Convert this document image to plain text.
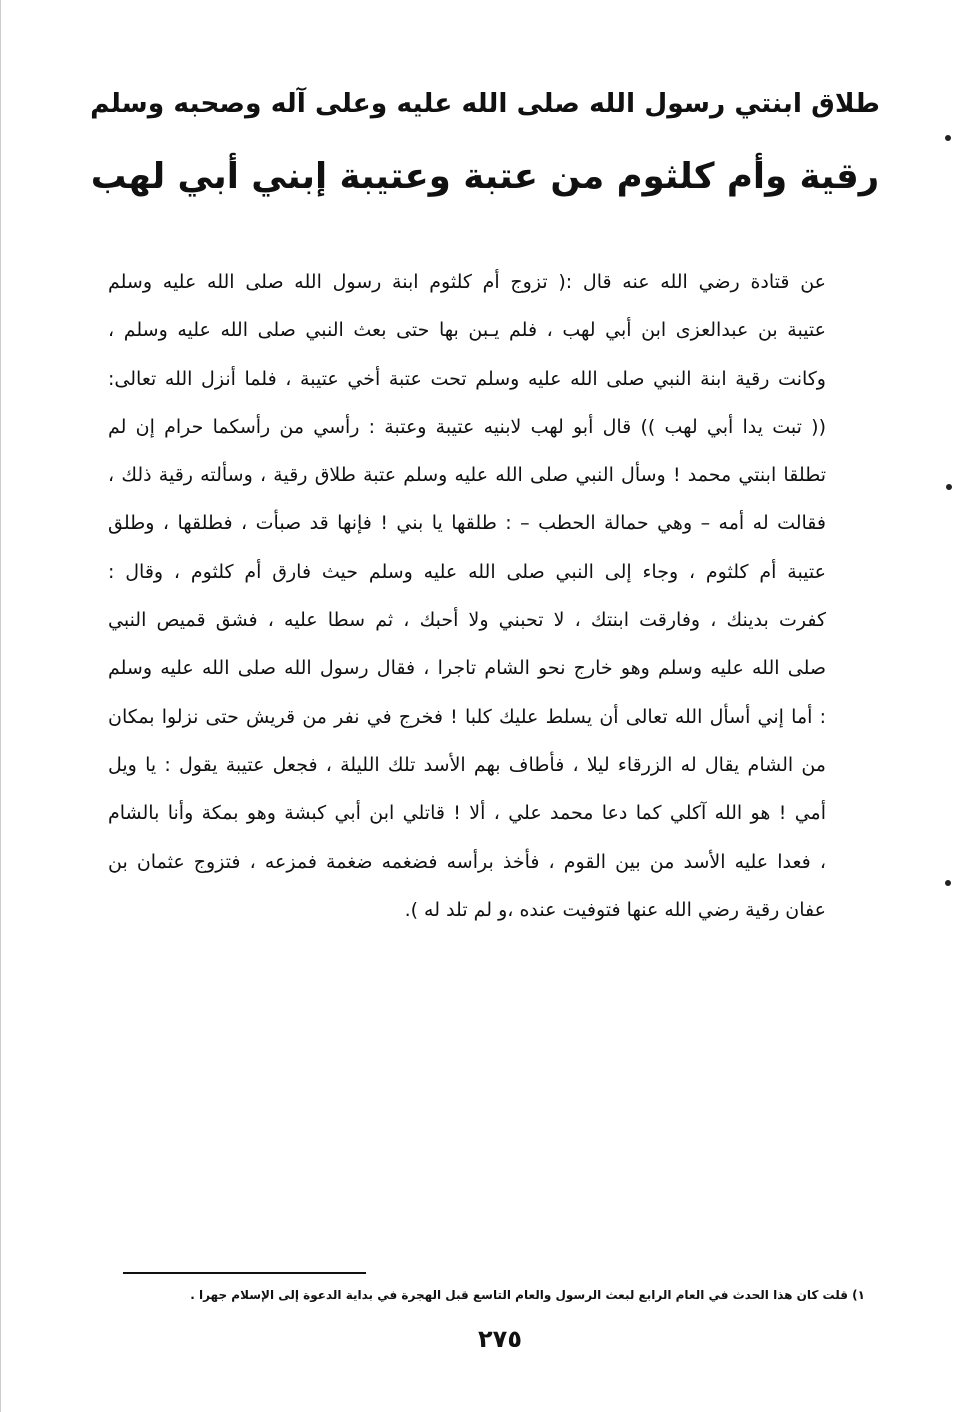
طلاق ابنتي رسول الله صلى الله عليه وعلى آله وصحبه وسلم
رقية وأم كلثوم من عتبة وعتيبة إبني أبي لهب
عن قتادة رضي الله عنه قال :( تزوج أم كلثوم ابنة رسول الله صلى الله عليه وسلم
عتيبة بن عبدالعزى ابن أبي لهب ، فلم يـبن بها حتى بعث النبي صلى الله عليه وسلم ،
وكانت رقية ابنة النبي صلى الله عليه وسلم تحت عتبة أخي عتيبة ، فلما أنزل الله تعالى:
(( تبت يدا أبي لهب )) قال أبو لهب لابنيه عتيبة وعتبة : رأسي من رأسكما حرام إن لم
تطلقا ابنتي محمد ! وسأل النبي صلى الله عليه وسلم عتبة طلاق رقية ، وسألته رقية ذلك ،
فقالت له أمه – وهي حمالة الحطب – : طلقها يا بني ! فإنها قد صبأت ، فطلقها ، وطلق
عتيبة أم كلثوم ، وجاء إلى النبي صلى الله عليه وسلم حيث فارق أم كلثوم ، وقال :
كفرت بدينك ، وفارقت ابنتك ، لا تحبني ولا أحبك ، ثم سطا عليه ، فشق قميص النبي
صلى الله عليه وسلم وهو خارج نحو الشام تاجرا ، فقال رسول الله صلى الله عليه وسلم
: أما إني أسأل الله تعالى أن يسلط عليك كلبا ! فخرج في نفر من قريش حتى نزلوا بمكان
من الشام يقال له الزرقاء ليلا ، فأطاف بهم الأسد تلك الليلة ، فجعل عتيبة يقول : يا ويل
أمي ! هو الله آكلي كما دعا محمد علي ، ألا ! قاتلي ابن أبي كبشة وهو بمكة وأنا بالشام
، فعدا عليه الأسد من بين القوم ، فأخذ برأسه فضغمه ضغمة فمزعه ، فتزوج عثمان بن
عفان رقية رضي الله عنها فتوفيت عنده ،و لم تلد له ).
١) قلت كان هذا الحدث في العام الرابع لبعث الرسول والعام التاسع قبل الهجرة في بداية الدعوة إلى الإسلام جهرا .
٢٧٥
